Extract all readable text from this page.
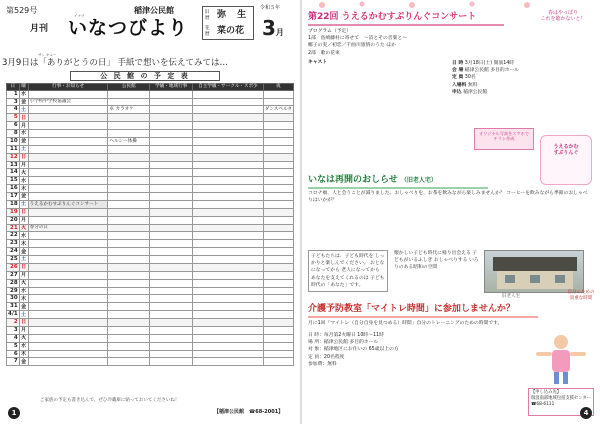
第529号
月刊
稲津公民館
イナツ
いなつびより
旧暦 弥 生
花暦 菜の花
令和５年
3月
サン キュー
3月9日は「ありがとうの日」 手紙で想いを伝えてみては…
公 民 館 の 予 定 表
日	曜	行事・お知らせ	公民館	学級・地域行事	自主学級・サークル・スポ少	夜
1	水					
3	金	小学校中学校協議会				
4	土		卓 カラオケ			ダンスベルタ
5	日					
6	月					
8	水					
10	金		ヘルシー体操			
11	土					
12	日					
13	月					
14	火					
15	水					
16	木					
17	金					
18	土	うえるかむすぷりんぐコンサート				
19	日					
20	月					
21	火	春分の日				
22	水					
23	木					
24	金					
25	土					
26	日					
27	月					
28	火					
29	水					
30	木					
31	金					
4/1	土					
2	日					
3	月					
4	火					
5	水					
6	木					
7	金					
ご家族の予定も書き込んで、ぜひ冷蔵庫に貼っておいてくださいね！
1	【稲津公民館　☎68-2001】
第22回 うえるかむすぷりんぐコンサート	春はやっぱり
これを聴かないと！
プログラム（予定）
1部　島崎藤村に寄せて　～詩とその音楽と～
椰子の実／初恋／千曲川旅情のうた ほか
2部　歌の花束
キャスト	日 時 3月18日(土) 開演14時
会 場 稲津公民館 多目的ホール
定 員 30名
入場料 無料
申込 稲津公民館
オリジナル写真をスマホで
チラシ作成
うえるかむ
すぷりんぐ
いなは再開のおしらせ （旧老人宅）
コロナ禍、人と会うことが減りました。おしゃべりを、お茶を飲みながら楽しみませんか？ コーヒーを飲みながら季節のおしゃべりはいかが？
子どもたちは、子ども時代を しっかりと楽しんでください。 おとなになってから 老人になってから あなたを支えてくれるのは 子ども時代の「あなた」です。
懐かしい子ども時代に帰り出会える 子どもがいるふしぎ おしゃべりする いろりのある昭和の空間
旧老人宅
介護予防教室「マイトレ時間」に参加しませんか？
自分のための
貴重な時間
月に1回「マイトレ（自分自身を見つめる）時間」自分のトレーニングのための時間です。
日 時：毎月第2火曜日 10時～11時
場 所：稲津公民館 多目的ホール
対 象：稲津地区にお住いの 65歳以上の方
定 員：20名程度
参加費：無料
【申し込み先】
瑞浪南部地域包括支援センター
☎68-6111
4
